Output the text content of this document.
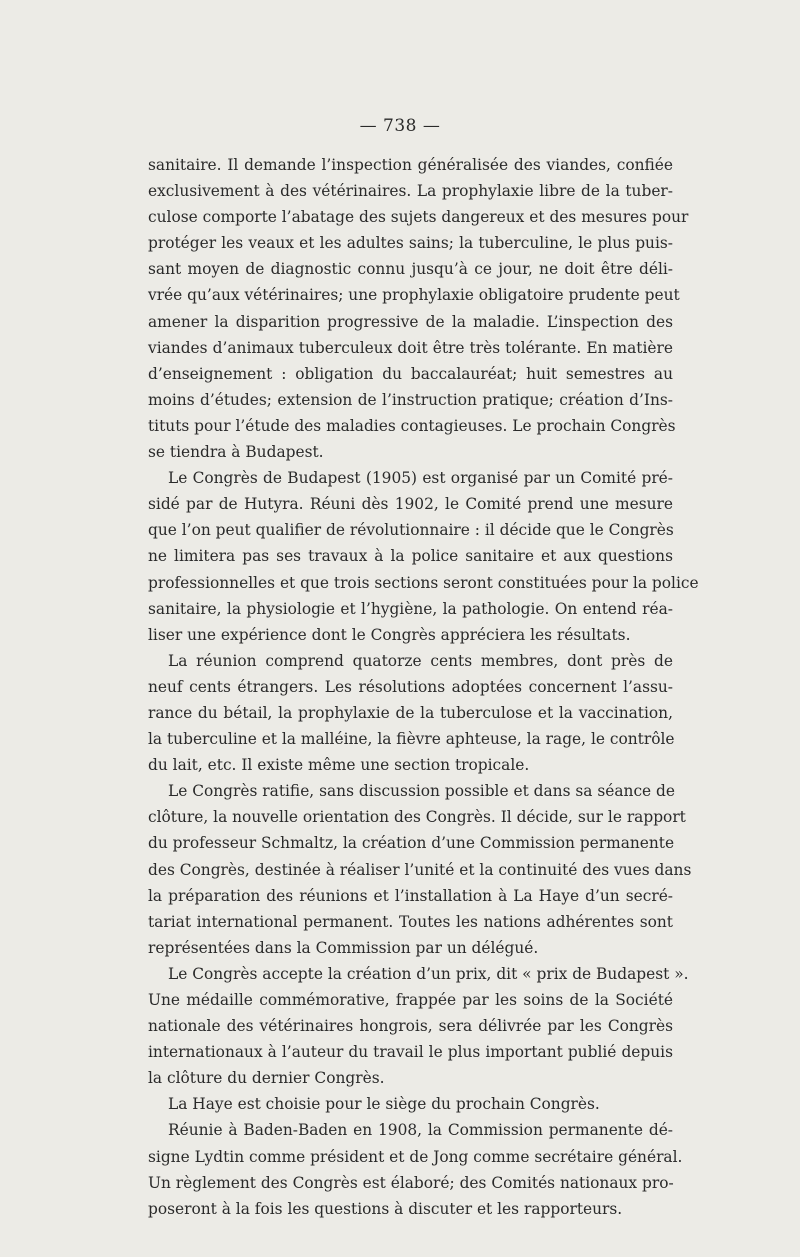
— 738 —
sanitaire. Il demande l’inspection généralisée des viandes, confiée
exclusivement à des vétérinaires. La prophylaxie libre de la tuber-
culose comporte l’abatage des sujets dangereux et des mesures pour
protéger les veaux et les adultes sains; la tuberculine, le plus puis-
sant moyen de diagnostic connu jusqu’à ce jour, ne doit être déli-
vrée qu’aux vétérinaires; une prophylaxie obligatoire prudente peut
amener la disparition progressive de la maladie. L’inspection des
viandes d’animaux tuberculeux doit être très tolérante. En matière
d’enseignement : obligation du baccalauréat; huit semestres au
moins d’études; extension de l’instruction pratique; création d’Ins-
tituts pour l’étude des maladies contagieuses. Le prochain Congrès
se tiendra à Budapest.
Le Congrès de Budapest (1905) est organisé par un Comité pré-
sidé par de Hutyra. Réuni dès 1902, le Comité prend une mesure
que l’on peut qualifier de révolutionnaire : il décide que le Congrès
ne limitera pas ses travaux à la police sanitaire et aux questions
professionnelles et que trois sections seront constituées pour la police
sanitaire, la physiologie et l’hygiène, la pathologie. On entend réa-
liser une expérience dont le Congrès appréciera les résultats.
La réunion comprend quatorze cents membres, dont près de
neuf cents étrangers. Les résolutions adoptées concernent l’assu-
rance du bétail, la prophylaxie de la tuberculose et la vaccination,
la tuberculine et la malléine, la fièvre aphteuse, la rage, le contrôle
du lait, etc. Il existe même une section tropicale.
Le Congrès ratifie, sans discussion possible et dans sa séance de
clôture, la nouvelle orientation des Congrès. Il décide, sur le rapport
du professeur Schmaltz, la création d’une Commission permanente
des Congrès, destinée à réaliser l’unité et la continuité des vues dans
la préparation des réunions et l’installation à La Haye d’un secré-
tariat international permanent. Toutes les nations adhérentes sont
représentées dans la Commission par un délégué.
Le Congrès accepte la création d’un prix, dit « prix de Budapest ».
Une médaille commémorative, frappée par les soins de la Société
nationale des vétérinaires hongrois, sera délivrée par les Congrès
internationaux à l’auteur du travail le plus important publié depuis
la clôture du dernier Congrès.
La Haye est choisie pour le siège du prochain Congrès.
Réunie à Baden-Baden en 1908, la Commission permanente dé-
signe Lydtin comme président et de Jong comme secrétaire général.
Un règlement des Congrès est élaboré; des Comités nationaux pro-
poseront à la fois les questions à discuter et les rapporteurs.
